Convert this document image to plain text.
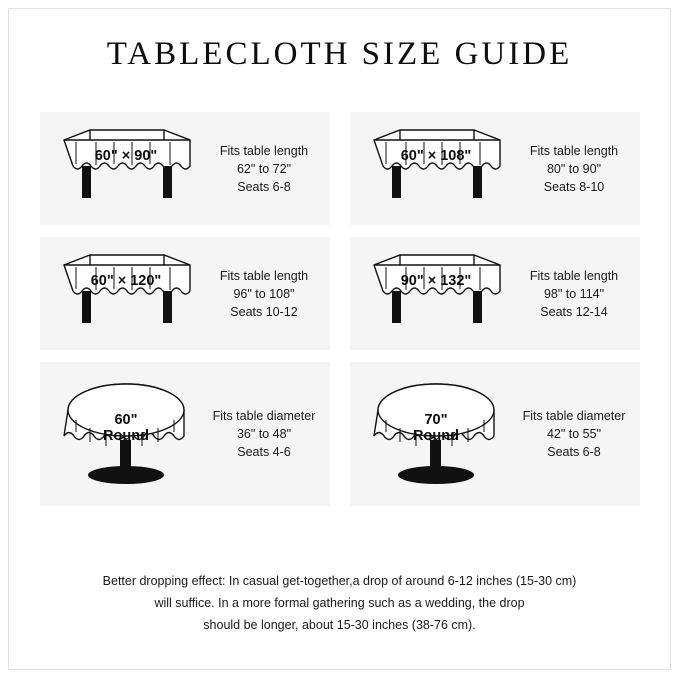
TABLECLOTH SIZE GUIDE
60" × 90"	Fits table length
62" to 72"
Seats 6-8
60" × 108"	Fits table length
80" to 90"
Seats 8-10
60" × 120"	Fits table length
96" to 108"
Seats 10-12
90" × 132"	Fits table length
98" to 114"
Seats 12-14
60"
Round
Fits table diameter
36" to 48"
Seats 4-6
70"
Round
Fits table diameter
42" to 55"
Seats 6-8
Better dropping effect: In casual get-together,a drop of around 6-12 inches (15-30 cm)
will suffice. In a more formal gathering such as a wedding, the drop
should be longer, about 15-30 inches (38-76 cm).
